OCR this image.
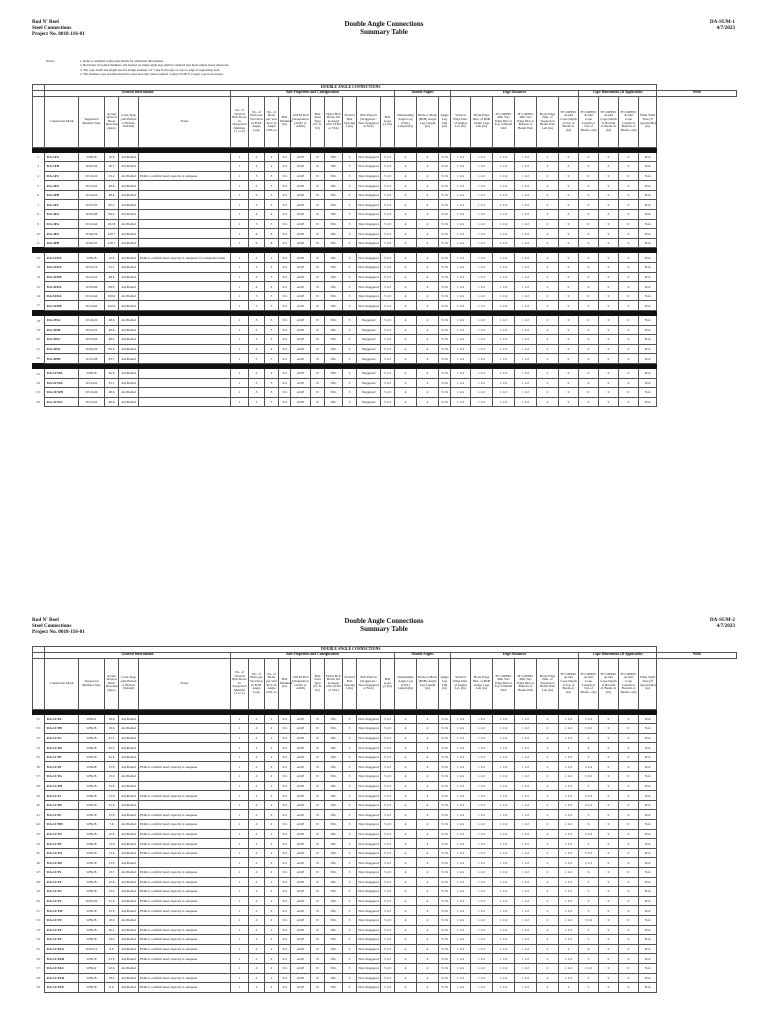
Rod N' Reel
Steel Connections
Project No. 0018-116-01
Double Angle Connections
Summary Table
DA-SUM-1
4/7/2023
Notes:	1. Refer to standard connection details for additional information.
2. Bolt holes in framed members and backed on single angle legs shall be standard size holes unless noted otherwise.
3. The cope depth and length used in design assumes 1/2" clear from edge of cope to edge of supporting steel.
4. The smallest cope possible should be used and only when required. Contact EOR if a larger cope is necessary.
	DOUBLE ANGLE CONNECTIONS																												
	General Information					Bolt Properties and Configuration										Double Angles			Edge Distances						Cope Dimensions (If Applicable)				Weld
	Connection Mark	Supported Member Size	Actual Vertical Shear Reaction (kips)	Conn Type (All-Bolted or Bolted-Welded)	Notes	No. of Vertical Bolt Rows in Supported Member (1 or 2)	No. of Bolts per Vert Row in B.M. Angle Legs	No. of Bolts per Vert Row in Angle OSL ea	Bolt Diameter (in)	ASTM Bolt Designation (A325 or A490)	Bolt Joint Type (N, X, SC)	Horiz Bolt Holes Std in Angle OSL (STD or SSL)	Vertical Bolt Spacing s (in)	Bolt Pattern (Staggered / Non-Staggered at N/A)	Bolt Gage g1 (in)	Outstanding Angle Leg (OSL) Length (in)	Back-to-Back (B2B) Angle Leg Length (in)	Angle Leg Thk (in)	Vertical Edge Dist. of Angles Lev (in)	Horiz Edge Dist. of B2B Angle Legs Leh (in)	IF COPED: Min Vert Edge Dist at Top of Beam Web	IF COPED: Min Vert Edge Dist at Bottom of Beam Web	Horiz Edge Dist. of Supported Beam Web Leh (in)	IF COPED: Actual Cope Depth at Top of Beam dc (in)	IF COPED: Actual Cope Length at Top of Beam c (in)	IF COPED: Actual Cope Depth at Bottom of Beam dc (in)	IF COPED: Actual Cope Length at Bottom of Beam c (in)	Fillet Weld Size (If Applicable) (in)	

2	DA-1FA	W8x18	10.9	All-Bolted		1	2	2	3/4	A325	N	SSL	3	Non-Staggered	5 1/2	4	4	5/16	1 1/4	1 1/2	1 1/4	1 1/2	2	0	0	0	0	N/A	
3	DA-1FB	W10x22	20.5	All-Bolted		1	2	2	3/4	A325	N	SSL	3	Non-Staggered	5 1/2	4	4	5/16	1 1/4	1 1/2	1 1/4	1 1/2	2	0	0	0	0	N/A	
4	DA-1FC	W12x22	25.2	All-Bolted	EOR to confirm bead capacity is adequate	1	3	3	3/4	A325	N	SSL	3	Non-Staggered	5 1/2	4	4	5/16	1 1/4	1 1/2	1 1/4	1 1/2	2	0	0	0	0	N/A	
5	DA-2FA	W12x22	48.6	All-Bolted		1	3	3	3/4	A325	N	SSL	3	Non-Staggered	5 1/2	4	4	5/16	1 1/4	1 1/2	1 1/4	1 1/2	2	0	0	0	0	N/A	
6	DA-2FB	W14x22	48.6	All-Bolted		1	3	3	3/4	A325	N	SSL	3	Non-Staggered	5 1/2	4	4	5/16	1 1/4	1 1/2	1 1/4	1 1/2	2	0	0	0	0	N/A	
7	DA-2FC	W12x35	62.2	All-Bolted		1	3	3	3/4	A325	N	SSL	3	Non-Staggered	5 1/2	4	4	5/16	1 1/4	1 1/2	1 1/4	1 1/2	2	0	0	0	0	N/A	
8	DA-3FA	W16x26	69.0	All-Bolted		1	4	4	3/4	A325	N	SSL	3	Non-Staggered	5 1/2	4	4	5/16	1 1/4	1 1/2	1 1/4	1 1/2	2	0	0	0	0	N/A	
9	DA-3FA	W21x44	102.8	All-Bolted		1	5	5	3/4	A325	N	SSL	3	Non-Staggered	5 1/2	4	4	5/16	1 1/4	1 1/2	1 1/4	1 1/2	2	0	0	0	0	N/A	
10	DA-4FA	W24x76	120.7	All-Bolted		1	6	6	3/4	A325	N	SSL	3	Non-Staggered	5 1/2	4	4	5/16	1 1/4	1 1/2	1 1/4	1 1/2	2	0	0	0	0	N/A	
11	DA-4FB	W24x55	120.7	All-Bolted		1	6	6	3/4	A325	N	SSL	3	Non-Staggered	5 1/2	4	4	5/16	1 1/4	1 1/2	1 1/4	1 1/2	2	0	0	0	0	N/A	

12	DA-1CPA	W8x18	10.9	All-Bolted	EOR to confirm bead capacity is adequate for composite beam	1	2	2	3/4	A325	N	SSL	3	Non-Staggered	5 1/2	4	4	5/16	1 1/4	1 1/2	1 1/4	1 1/2	2	0	0	0	0	N/A	
13	DA-2CPA	W12x14	35.1	All-Bolted		1	3	3	3/4	A325	N	SSL	3	Non-Staggered	5 1/2	4	4	5/16	1 1/4	1 1/2	1 1/4	1 1/2	2	0	0	0	0	N/A	
14	DA-3CPB	W14x22	48.6	All-Bolted		1	3	3	3/4	A325	N	SSL	3	Non-Staggered	5 1/2	4	4	5/16	1 1/4	1 1/2	1 1/4	1 1/2	2	0	0	0	0	N/A	
15	DA-4CPA	W16x26	69.0	All-Bolted		1	4	4	3/4	A325	N	SSL	3	Non-Staggered	5 1/2	4	4	5/16	1 1/4	1 1/2	1 1/4	1 1/2	2	0	0	0	0	N/A	
16	DA-5CPA	W21x44	100.0	All-Bolted		1	5	5	3/4	A325	N	SSL	3	Non-Staggered	5 1/2	4	4	5/16	1 1/4	1 1/2	1 1/4	1 1/2	2	0	0	0	0	N/A	
17	DA-5CPB	W21x62	100.0	All-Bolted		1	5	5	3/4	A325	N	SSL	3	Non-Staggered	5 1/2	4	4	5/16	1 1/4	1 1/2	1 1/4	1 1/2	2	0	0	0	0	N/A	

18	DA-3WA	W14x22	48.6	All-Bolted		1	3	3	3/4	A325	N	SSL	3	Staggered	5 1/2	4	4	5/16	1 1/4	1 1/2	1 1/2	1 1/2	2	0	0	0	0	N/A	
19	DA-3WB	W14x22	48.6	All-Bolted		1	3	3	3/4	A325	N	SSL	3	Staggered	5 1/2	4	4	5/16	1 1/4	1 1/2	1 1/2	1 1/2	2	0	0	0	0	N/A	
20	DA-3WC	W12x26	48.6	All-Bolted		1	3	3	3/4	A325	N	SSL	3	Staggered	5 1/2	4	4	5/16	1 1/4	1 1/2	1 1/2	1 1/2	2	0	0	0	0	N/A	
21	DA-4WA	W16x26	69.9	All-Bolted		1	4	4	3/4	A325	N	SSL	3	Staggered	5 1/2	4	4	5/16	1 1/4	1 1/2	1 1/2	1 1/2	2	0	0	0	0	N/A	
22	DA-4WB	W21x58	93.7	All-Bolted		1	5	5	3/4	A325	N	SSL	3	Staggered	5 1/2	4	4	5/16	1 1/4	1 1/2	1 1/2	1 1/2	2	0	0	0	0	N/A	

23	DA-1CWA	W8x18	26.9	All-Bolted		1	2	2	3/4	A325	N	SSL	3	Staggered	5 1/2	4	4	5/16	1 1/4	1 1/2	1 1/2	1 1/2	2	0	0	0	0	N/A	
24	DA-2CWA	W12x22	35.1	All-Bolted		1	3	3	3/4	A325	N	SSL	3	Staggered	5 1/2	4	4	5/16	1 1/4	1 1/2	1 1/2	1 1/2	2	0	0	0	0	N/A	
25	DA-3CWB	W12x26	48.6	All-Bolted		1	3	3	3/4	A325	N	SSL	3	Staggered	5 1/2	4	4	5/16	1 1/4	1 1/2	1 1/2	1 1/2	2	0	0	0	0	N/A	
26	DA-3CWC	W12x22	48.6	All-Bolted		1	3	3	3/4	A325	N	SSL	3	Staggered	5 1/2	4	4	5/16	1 1/4	1 1/2	1 1/2	1 1/2	2	0	0	0	0	N/A	
Rod N' Reel
Steel Connections
Project No. 0018-116-01
Double Angle Connections
Summary Table
DA-SUM-2
4/7/2023
	DOUBLE ANGLE CONNECTIONS																												
	General Information					Bolt Properties and Configuration										Double Angles			Edge Distances						Cope Dimensions (If Applicable)				Weld
	Connection Mark	Supported Member Size	Actual Vertical Shear Reaction (kips)	Conn Type (All-Bolted or Bolted-Welded)	Notes	No. of Vertical Bolt Rows in Supported Member (1 or 2)	No. of Bolts per Vert Row in B.M. Angle Legs	No. of Bolts per Vert Row in Angle OSL ea	Bolt Diameter (in)	ASTM Bolt Designation (A325 or A490)	Bolt Joint Type (N, X, SC)	Horiz Bolt Holes Std in Angle OSL (STD or SSL)	Vertical Bolt Spacing s (in)	Bolt Pattern (Staggered / Non-Staggered at N/A)	Bolt Gage g1 (in)	Outstanding Angle Leg (OSL) Length (in)	Back-to-Back (B2B) Angle Leg Length (in)	Angle Leg Thk (in)	Vertical Edge Dist. of Angles Lev (in)	Horiz Edge Dist. of B2B Angle Legs Leh (in)	IF COPED: Min Vert Edge Dist at Top of Beam Web	IF COPED: Min Vert Edge Dist at Bottom of Beam Web	Horiz Edge Dist. of Supported Beam Web Leh (in)	IF COPED: Actual Cope Depth at Top of Beam dc (in)	IF COPED: Actual Cope Length at Top of Beam c (in)	IF COPED: Actual Cope Depth at Bottom of Beam dc (in)	IF COPED: Actual Cope Length at Bottom of Beam c (in)	Fillet Weld Size (If Applicable) (in)	

31	DA-1CTA	W8x21	18.4	All-Bolted		1	2	2	3/4	A325	N	SSL	3	Non-Staggered	5 1/2	4	4	5/16	1 1/4	1 1/2	1 1/4	1 1/2	2	1 1/2	5 1/2	0	0	N/A	
32	DA-1CTB	W8x18	19.6	All-Bolted		1	2	2	3/4	A325	N	SSL	3	Non-Staggered	5 1/2	4	4	5/16	1 1/4	1 1/2	1 1/4	1 1/2	2	1 1/2	5 1/2	0	0	N/A	
33	DA-1CTC	W8x18	21.3	All-Bolted		1	2	2	3/4	A325	N	SSL	3	Non-Staggered	5 1/2	4	4	5/16	1 1/4	1 1/2	1 1/4	1 1/2	2	1 1/2	4	0	0	N/A	
34	DA-1CTD	W8x18	20.2	All-Bolted		1	2	2	3/4	A325	N	SSL	3	Non-Staggered	5 1/2	4	4	5/16	1 1/4	1 1/2	1 1/4	1 1/2	2	2	4	0	0	N/A	
35	DA-1CTE	W8x18	22.6	All-Bolted		1	2	2	3/4	A325	N	SSL	3	Non-Staggered	5 1/2	4	4	5/16	1 1/4	1 1/2	1 1/4	1 1/2	2	1 1/2	5	0	0	N/A	
36	DA-1CTF	W8x28	15.9	All-Bolted	EOR to confirm bead capacity is adequate	1	2	2	3/4	A325	N	SSL	3	Non-Staggered	5 1/2	4	4	5/16	1 1/4	1 1/2	1 1/4	1 1/2	2	1 1/2	4 1/4	0	0	N/A	
37	DA-1CTG	W8x18	15.9	All-Bolted		1	2	2	3/4	A325	N	SSL	3	Non-Staggered	5 1/2	4	4	5/16	1 1/4	1 1/2	1 1/4	1 1/2	2	1 1/2	5 1/2	0	0	N/A	
38	DA-1CTH	W8x18	15.9	All-Bolted		1	2	2	3/4	A325	N	SSL	3	Non-Staggered	5 1/2	4	4	5/16	1 1/4	1 1/2	1 1/4	1 1/2	2	1 1/2	5	0	0	N/A	
39	DA-1CTJ	W8x18	15.9	All-Bolted	EOR to confirm bead capacity is adequate	1	2	2	3/4	A325	N	SSL	3	Non-Staggered	5 1/2	4	4	5/16	1 1/4	1 1/2	1 1/4	1 1/2	2	1 1/2	5 1/2	0	0	N/A	
40	DA-1CTK	W8x18	15.9	All-Bolted		1	2	2	3/4	A325	N	SSL	3	Non-Staggered	5 1/2	4	4	5/16	1 1/4	1 1/2	1 1/4	1 1/2	2	1 1/2	4 1/2	0	0	N/A	
41	DA-1CTL	W8x18	15.9	All-Bolted	EOR to confirm bead capacity is adequate	1	2	2	3/4	A325	N	SSL	3	Non-Staggered	5 1/2	4	4	5/16	1 1/4	1 1/2	1 1/4	1 1/2	2	1 1/2	5	0	0	N/A	
42	DA-1CTM	W8x18	7.6	All-Bolted	EOR to confirm bead capacity is adequate	1	2	2	3/4	A325	N	SSL	3	Non-Staggered	5 1/2	4	4	5/16	1 1/4	1 1/2	1 1/4	1 1/2	2	1 1/2	6	0	0	N/A	
43	DA-1CTN	W8x18	10.9	All-Bolted	EOR to confirm bead capacity is adequate	1	2	2	3/4	A325	N	SSL	3	Non-Staggered	5 1/2	4	4	5/16	1 1/4	1 1/2	1 1/4	1 1/2	2	1 1/2	2 1/2	0	0	N/A	
44	DA-1CTP	W8x18	13.0	All-Bolted	EOR to confirm bead capacity is adequate	1	2	2	3/4	A325	N	SSL	3	Non-Staggered	5 1/2	4	4	5/16	1 1/4	1 1/2	1 1/4	1 1/2	2	1 1/2	5	0	0	N/A	
45	DA-1CTQ	W8x18	13.0	All-Bolted	EOR to confirm bead capacity is adequate	1	2	2	3/4	A325	N	SSL	3	Non-Staggered	5 1/2	4	4	5/16	1 1/4	1 1/2	1 1/4	1 1/2	2	1 1/2	5 1/2	0	0	N/A	
46	DA-1CTR	W8x18	13.0	All-Bolted		1	2	2	3/4	A325	N	SSL	3	Non-Staggered	5 1/2	4	4	5/16	1 1/4	1 1/2	1 1/4	1 1/2	2	1 1/2	2 1/2	0	0	N/A	
47	DA-1CTS	W8x18	13.7	All-Bolted	EOR to confirm bead capacity is adequate	1	2	2	3/4	A325	N	SSL	3	Non-Staggered	5 1/2	4	4	5/16	1 1/4	1 1/2	1 1/4	1 1/2	2	1 1/2	6	0	0	N/A	
48	DA-1CTT	W8x18	12.6	All-Bolted	EOR to confirm bead capacity is adequate	1	2	2	3/4	A325	N	SSL	3	Non-Staggered	5 1/2	4	4	5/16	1 1/4	1 1/2	1 1/4	1 1/2	2	1 1/2	5	0	0	N/A	
49	DA-1CTU	W8x18	12.6	All-Bolted	EOR to confirm bead capacity is adequate	1	2	2	3/4	A325	N	SSL	3	Non-Staggered	5 1/2	4	4	5/16	1 1/4	1 1/2	1 1/4	1 1/2	2	1 1/2	5	0	0	N/A	
50	DA-1CTV	W10x22	15.9	All-Bolted	EOR to confirm bead capacity is adequate	1	2	2	3/4	A325	N	SSL	3	Non-Staggered	5 1/2	4	4	5/16	1 1/4	1 1/2	1 1/4	1 1/2	2	1 1/2	5	0	0	N/A	
51	DA-1CTW	W8x18	12.6	All-Bolted	EOR to confirm bead capacity is adequate	1	2	2	3/4	A325	N	SSL	3	Non-Staggered	5 1/2	4	4	5/16	1 1/4	1 1/2	1 1/4	1 1/2	2	1 1/2	5	0	0	N/A	
52	DA-1CTX	W8x18	10.9	All-Bolted		1	2	2	3/4	A325	N	SSL	3	Non-Staggered	5 1/2	4	4	5/16	1 1/4	1 1/2	1 1/4	1 1/2	2	1 1/2	3 1/4	0	0	N/A	
53	DA-1CTY	W8x18	20.2	All-Bolted	EOR to confirm bead capacity is adequate	1	2	2	3/4	A325	N	SSL	3	Non-Staggered	5 1/2	4	4	5/16	1 1/4	1 1/2	1 1/4	1 1/2	2	1 1/2	5	0	0	N/A	
54	DA-1CTZ	W8x18	18.0	All-Bolted	EOR to confirm bead capacity is adequate	1	2	2	3/4	A325	N	SSL	3	Non-Staggered	5 1/2	4	4	5/16	1 1/4	1 1/2	1 1/4	1 1/2	2	1 1/2	5	0	0	N/A	
55	DA-1CTAA	W10x12	6.9	All-Bolted	EOR to confirm bead capacity is adequate	1	2	2	3/4	A325	N	SSL	3	Non-Staggered	5 1/2	4	4	5/16	1 1/4	1 1/2	1 1/4	1 1/2	2	2	6	0	0	N/A	
56	DA-1CTAB	W8x18	22.6	All-Bolted	EOR to confirm bead capacity is adequate	1	2	2	3/4	A325	N	SSL	3	Non-Staggered	5 1/2	4	4	5/16	1 1/4	1 1/2	1 1/4	1 1/2	2	1 1/2	5	0	0	N/A	
57	DA-1CTAC	W8x22	22.6	All-Bolted		1	2	2	3/4	A325	N	SSL	3	Non-Staggered	5 1/2	4	4	5/16	1 1/4	1 1/2	1 1/4	1 1/2	2	1 1/2	2 1/2	0	0	N/A	
58	DA-1CTAD	W8x18	18.0	All-Bolted	EOR to confirm bead capacity is adequate	1	2	2	3/4	A325	N	SSL	3	Non-Staggered	5 1/2	4	4	5/16	1 1/4	1 1/2	1 1/4	1 1/2	2	1 1/2	5	0	0	N/A	
59	DA-1CTAE	W8x18	6.9	All-Bolted	EOR to confirm bead capacity is adequate	1	2	2	3/4	A325	N	SSL	3	Non-Staggered	5 1/2	4	4	5/16	1 1/4	1 1/2	1 1/4	1 1/2	2	2	5	0	0	N/A	
